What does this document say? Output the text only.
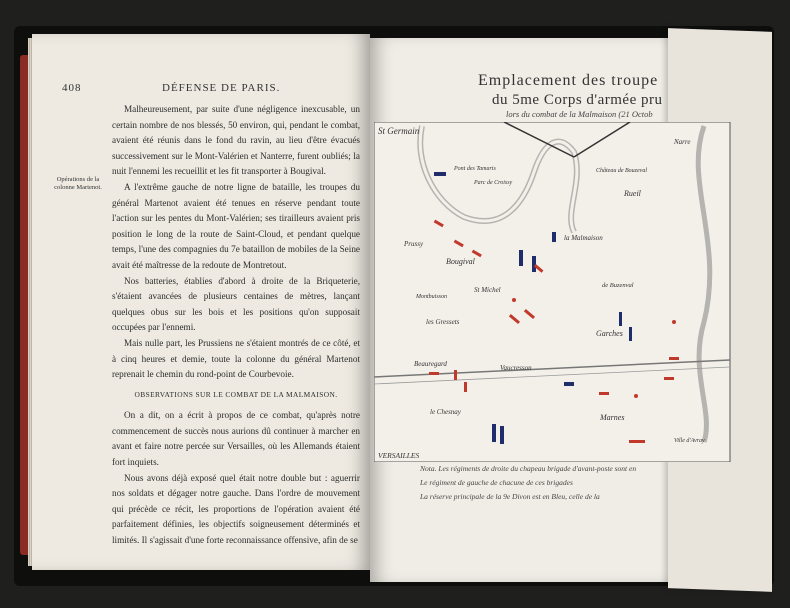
408	DÉFENSE DE PARIS.
Opérations de la colonne Martenot.

Malheureusement, par suite d'une négligence inexcusable, un certain nombre de nos blessés, 50 environ, qui, pendant le combat, avaient été réunis dans le fond du ravin, au lieu d'être évacués successivement sur le Mont-Valérien et Nanterre, furent oubliés; la nuit l'ennemi les recueillit et les fit transporter à Bougival.

A l'extrême gauche de notre ligne de bataille, les troupes du général Martenot avaient été tenues en réserve pendant toute l'action sur les pentes du Mont-Valérien; ses tirailleurs avaient pris position le long de la route de Saint-Cloud, et pendant quelque temps, l'une des compagnies du 7e bataillon de mobiles de la Seine avait été maîtresse de la redoute de Montretout.

Nos batteries, établies d'abord à droite de la Briqueterie, s'étaient avancées de plusieurs centaines de mètres, lançant quelques obus sur les bois et les positions qu'on supposait occupées par l'ennemi.

Mais nulle part, les Prussiens ne s'étaient montrés de ce côté, et à cinq heures et demie, toute la colonne du général Martenot reprenait le chemin du rond-point de Courbevoie.

OBSERVATIONS SUR LE COMBAT DE LA MALMAISON.

On a dit, on a écrit à propos de ce combat, qu'après notre commencement de succès nous aurions dû continuer à marcher en avant et faire notre percée sur Versailles, où les Allemands étaient fort inquiets.

Nous avons déjà exposé quel était notre double but : aguerrir nos soldats et dégager notre gauche. Dans l'ordre de mouvement qui précède ce récit, les proportions de l'opération avaient été parfaitement définies, les objectifs soigneusement déterminés et limités. Il s'agissait d'une forte reconnaissance offensive, afin de se

Emplacement des troupe
du 5me Corps d'armée pru
lors du combat de la Malmaison (21 Octob
St Germain
Pont des Tamaris
Parc de Croissy
Château de Bouzeval
Narre
Rueil
la Malmaison
Prussy
Bougival
St Michel
Montbuisson
les Gressets
de Buzenval
Garches
Vaucresson
Beauregard
le Chesnay
Marnes
VERSAILLES
Ville d'Avray
Nota. Les régiments de droite du chapeau brigade d'avant-poste sont en
Le régiment de gauche de chacune de ces brigades
La réserve principale de la 9e Divon est en Bleu, celle de la
